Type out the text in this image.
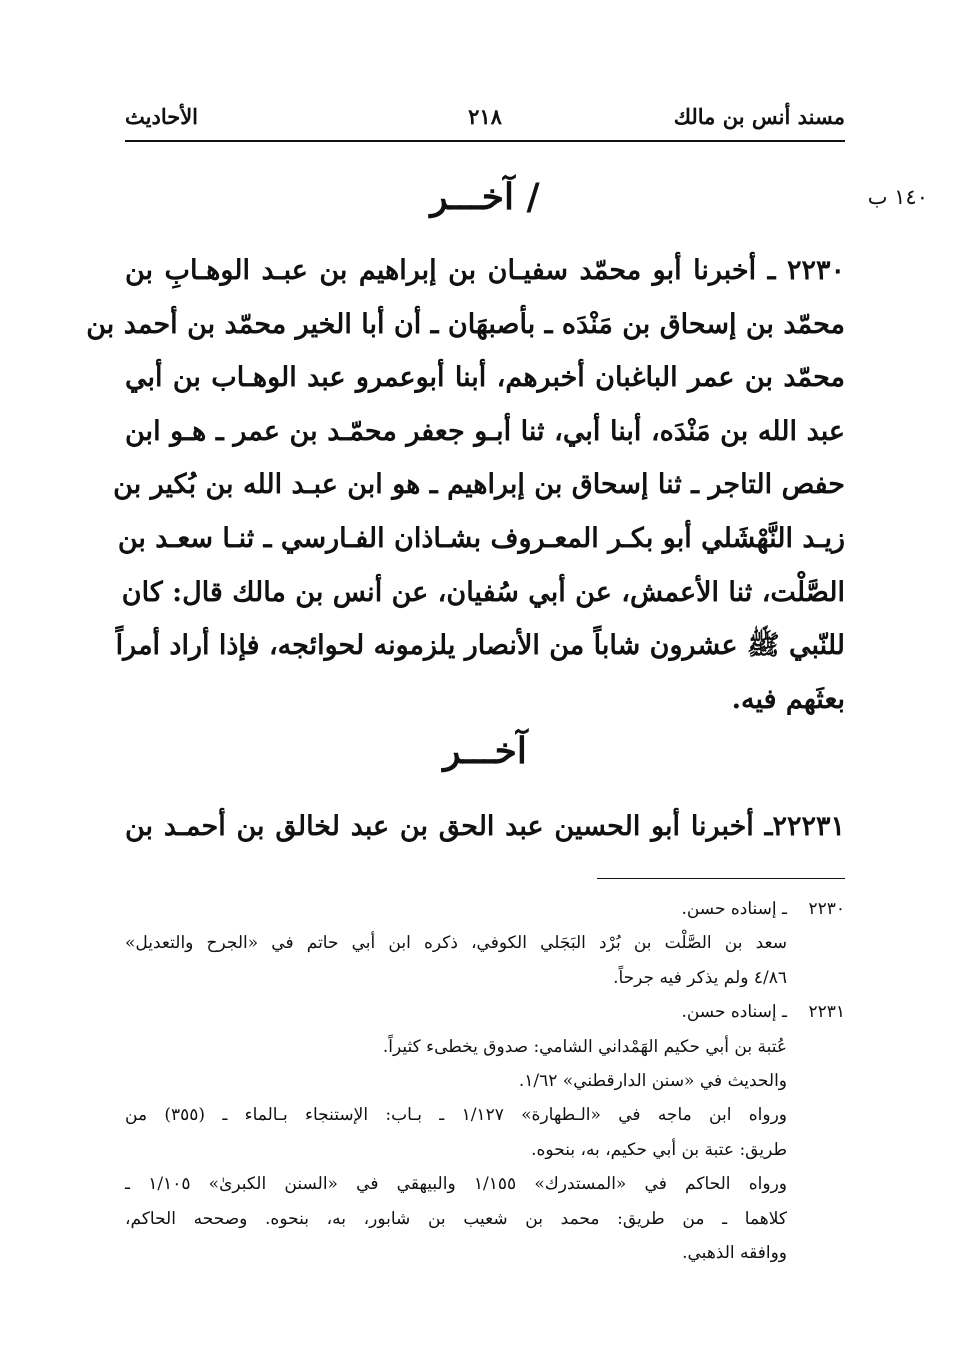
مسند أنس بن مالك
٢١٨
الأحاديث
١٤٠ ب
/ آخـــر
٢٢٣٠ ـ أخبرنا أبو محمّد سفيـان بن إبراهيم بن عبـد الوهـابِ بن
محمّد بن إسحاق بن مَنْدَه ـ بأصبهَان ـ أن أبا الخير محمّد بن أحمد بن
محمّد بن عمر الباغبان أخبرهم، أبنا أبوعمرو عبد الوهـاب بن أبي
عبد الله بن مَنْدَه، أبنا أبي، ثنا أبـو جعفر محمّـد بن عمر ـ هـو ابن
حفص التاجر ـ ثنا إسحاق بن إبراهيم ـ هو ابن عبـد الله بن بُكير بن
زيـد النَّهْشَلي أبو بكـر المعـروف بشـاذان الفـارسي ـ ثنـا سعـد بن
الصَّلْت، ثنا الأعمش، عن أبي سُفيان، عن أنس بن مالك قال: كان
للنّبي ﷺ عشرون شاباً من الأنصار يلزمونه لحوائجه، فإذا أراد أمراً
بعثَهم فيه.
آخـــر
٢٢٢٣١ـ أخبرنا أبو الحسين عبد الحق بن عبد لخالق بن أحمـد بن
٢٢٣٠
ـ إسناده حسن.
سعد بن الصَّلْت بن بُرْد البَجَلي الكوفي، ذكره ابن أبي حاتم في «الجرح والتعديل»
٤/٨٦ ولم يذكر فيه جرحاً.
٢٢٣١
ـ إسناده حسن.
عُتبة بن أبي حكيم الهَمْداني الشامي: صدوق يخطىء كثيراً.
والحديث في «سنن الدارقطني» ١/٦٢.
ورواه ابن ماجه في «الـطهارة» ١/١٢٧ ـ بـاب: الإستنجاء بـالماء ـ (٣٥٥) من
طريق: عتبة بن أبي حكيم، به، بنحوه.
ورواه الحاكم في «المستدرك» ١/١٥٥ والبيهقي في «السنن الكبرىٰ» ١/١٠٥ ـ
كلاهما ـ من طريق: محمد بن شعيب بن شابور، به، بنحوه. وصححه الحاكم،
ووافقه الذهبي.
